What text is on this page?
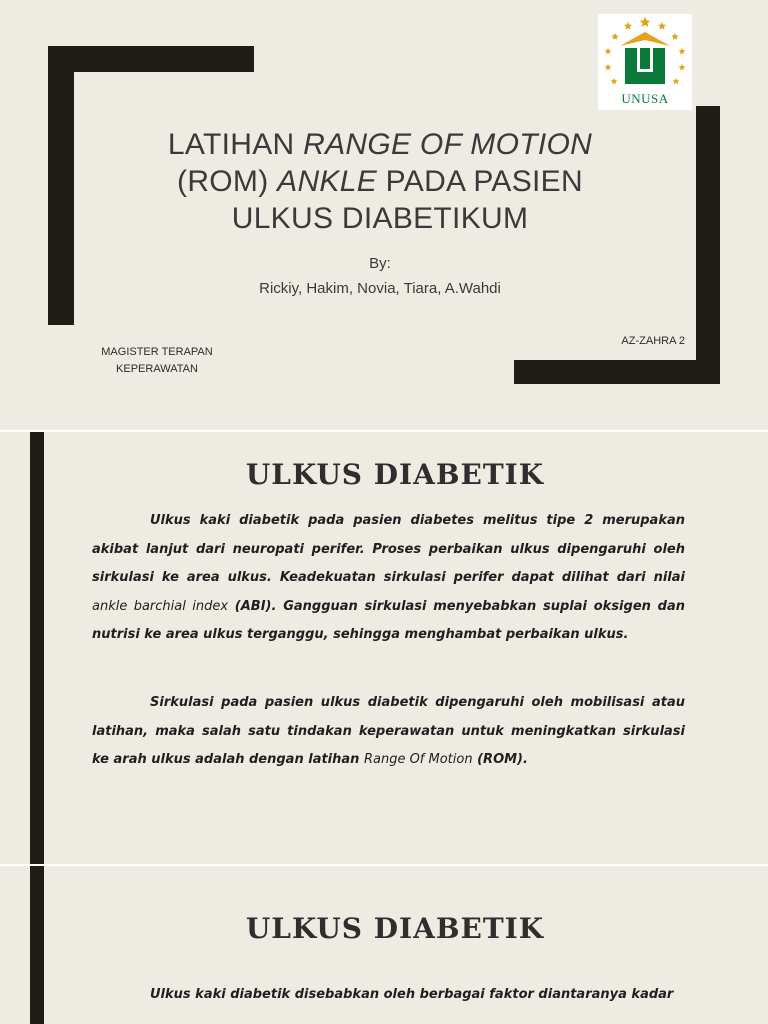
UNUSA
LATIHAN RANGE OF MOTION
(ROM) ANKLE PADA PASIEN
ULKUS DIABETIKUM
By:
Rickiy, Hakim, Novia, Tiara, A.Wahdi
MAGISTER TERAPAN KEPERAWATAN
AZ-ZAHRA 2
ULKUS DIABETIK

Ulkus kaki diabetik pada pasien diabetes melitus tipe 2 merupakan akibat lanjut dari neuropati perifer. Proses perbaikan ulkus dipengaruhi oleh sirkulasi ke area ulkus. Keadekuatan sirkulasi perifer dapat dilihat dari nilai ankle barchial index (ABI). Gangguan sirkulasi menyebabkan suplai oksigen dan nutrisi ke area ulkus terganggu, sehingga menghambat perbaikan ulkus.

Sirkulasi pada pasien ulkus diabetik dipengaruhi oleh mobilisasi atau latihan, maka salah satu tindakan keperawatan untuk meningkatkan sirkulasi ke arah ulkus adalah dengan latihan Range Of Motion (ROM).

ULKUS DIABETIK

Ulkus kaki diabetik disebabkan oleh berbagai faktor diantaranya kadar
